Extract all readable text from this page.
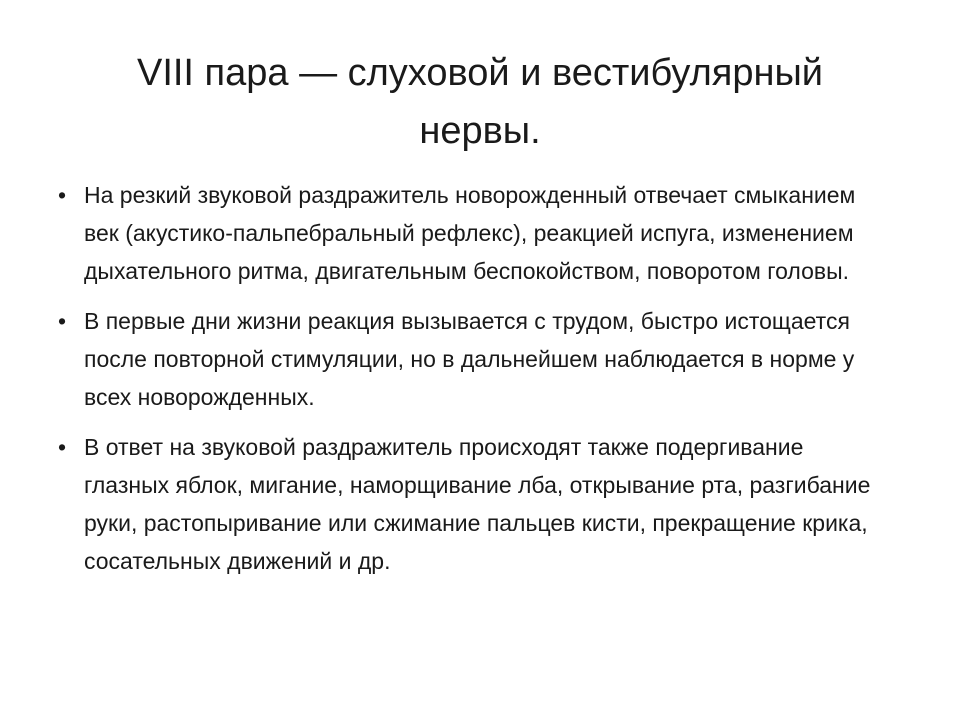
VIII пара — слуховой и вестибулярный
нервы.
• На резкий звуковой раздражитель новорожденный отвечает смыканием век (акустико-пальпебральный рефлекс), реакцией испуга, изменением дыхательного ритма, двигательным беспокойством, поворотом головы.
• В первые дни жизни реакция вызывается с трудом, быстро истощается после повторной стимуляции, но в дальнейшем наблюдается в норме у всех новорожденных.
• В ответ на звуковой раздражитель происходят также подергивание глазных яблок, мигание, наморщивание лба, открывание рта, разгибание руки, растопыривание или сжимание пальцев кисти, прекращение крика, сосательных движений и др.
